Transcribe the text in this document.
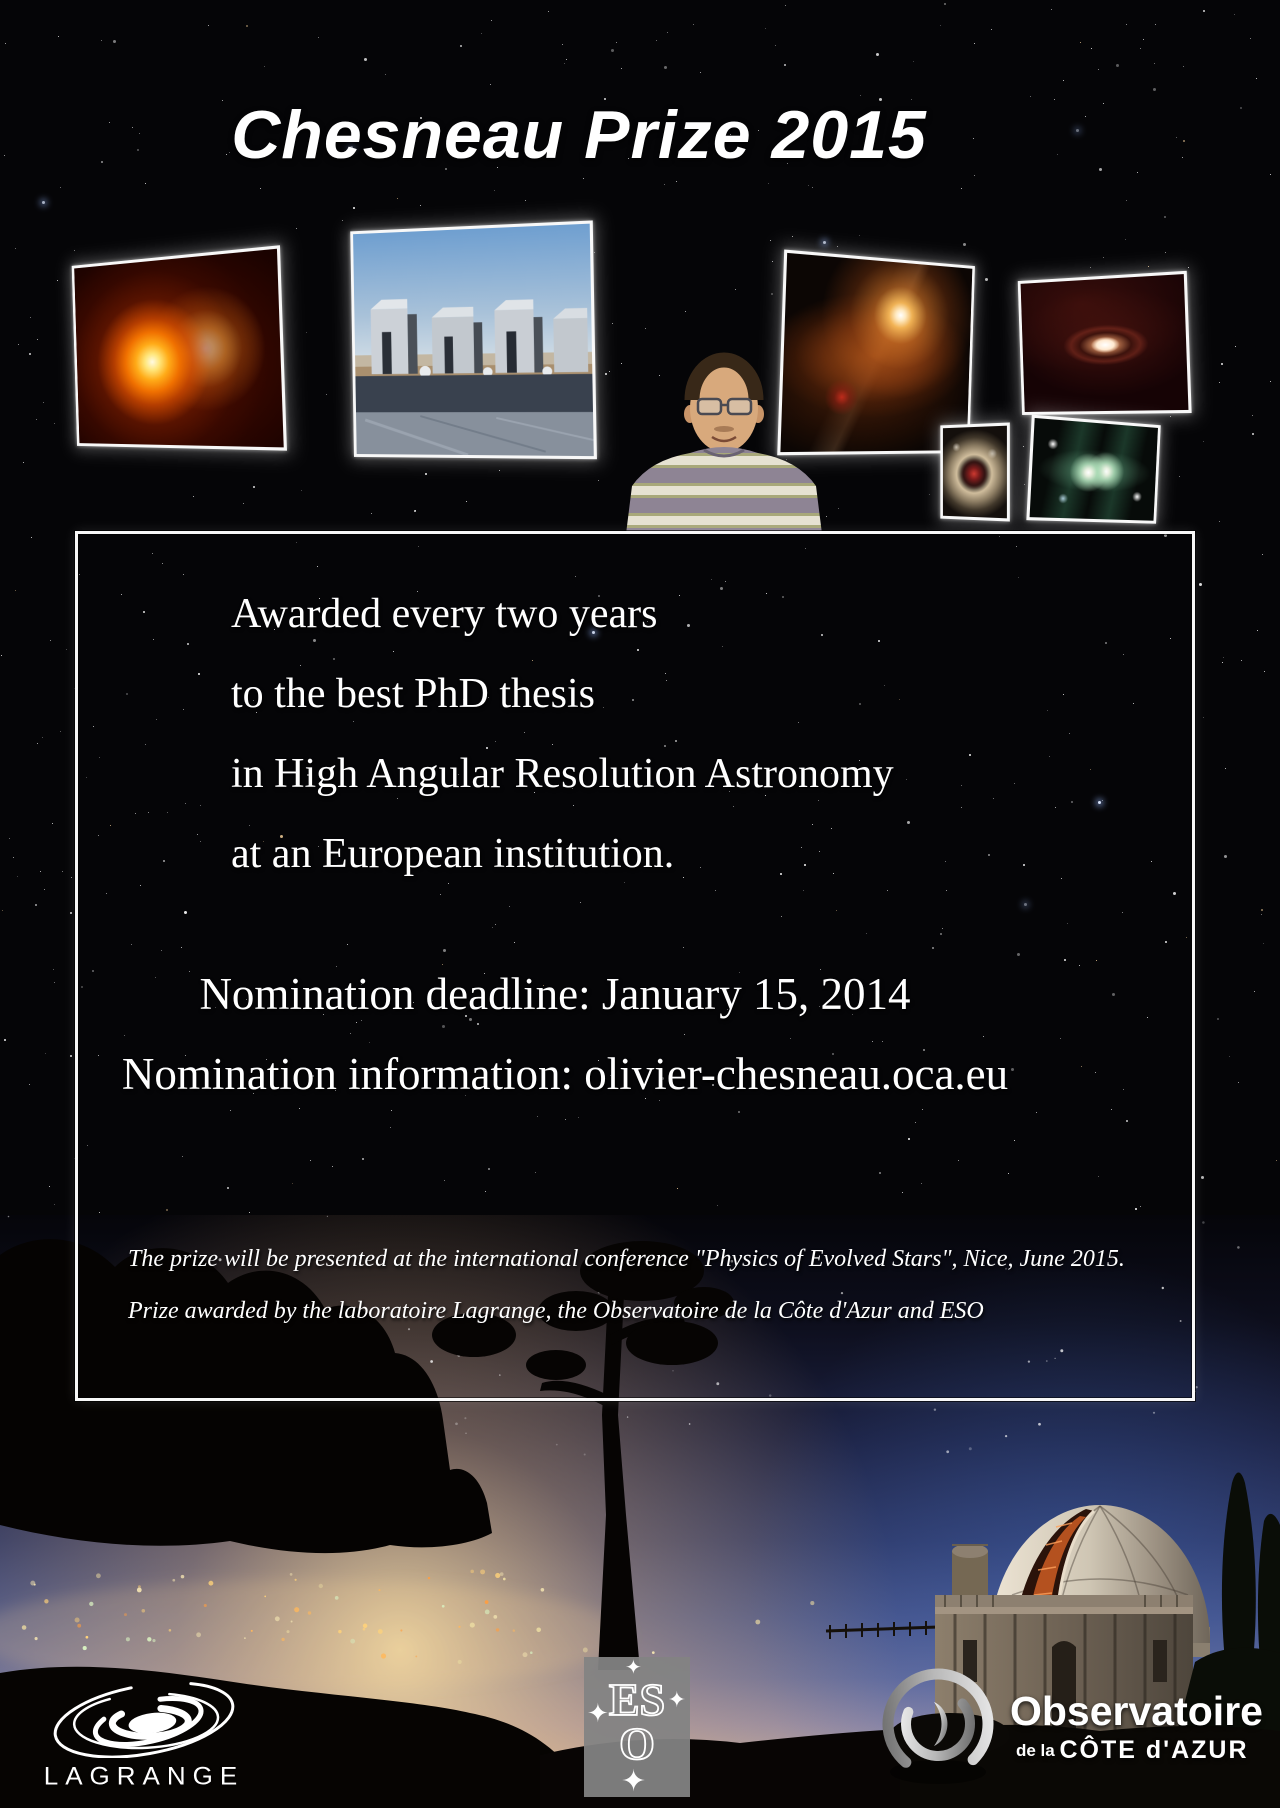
Chesneau Prize 2015

Awarded every two years

to the best PhD thesis

in High Angular Resolution Astronomy

at an European institution.

Nomination deadline: January 15, 2014

Nomination information: olivier-chesneau.oca.eu

The prize will be presented at the international conference "Physics of Evolved Stars", Nice, June 2015.

Prize awarded by the laboratoire Lagrange, the Observatoire de la Côte d'Azur and ESO

LAGRANGE
✦
✦	✦
✦
ES
O
Observatoire
de la CÔTE d'AZUR
